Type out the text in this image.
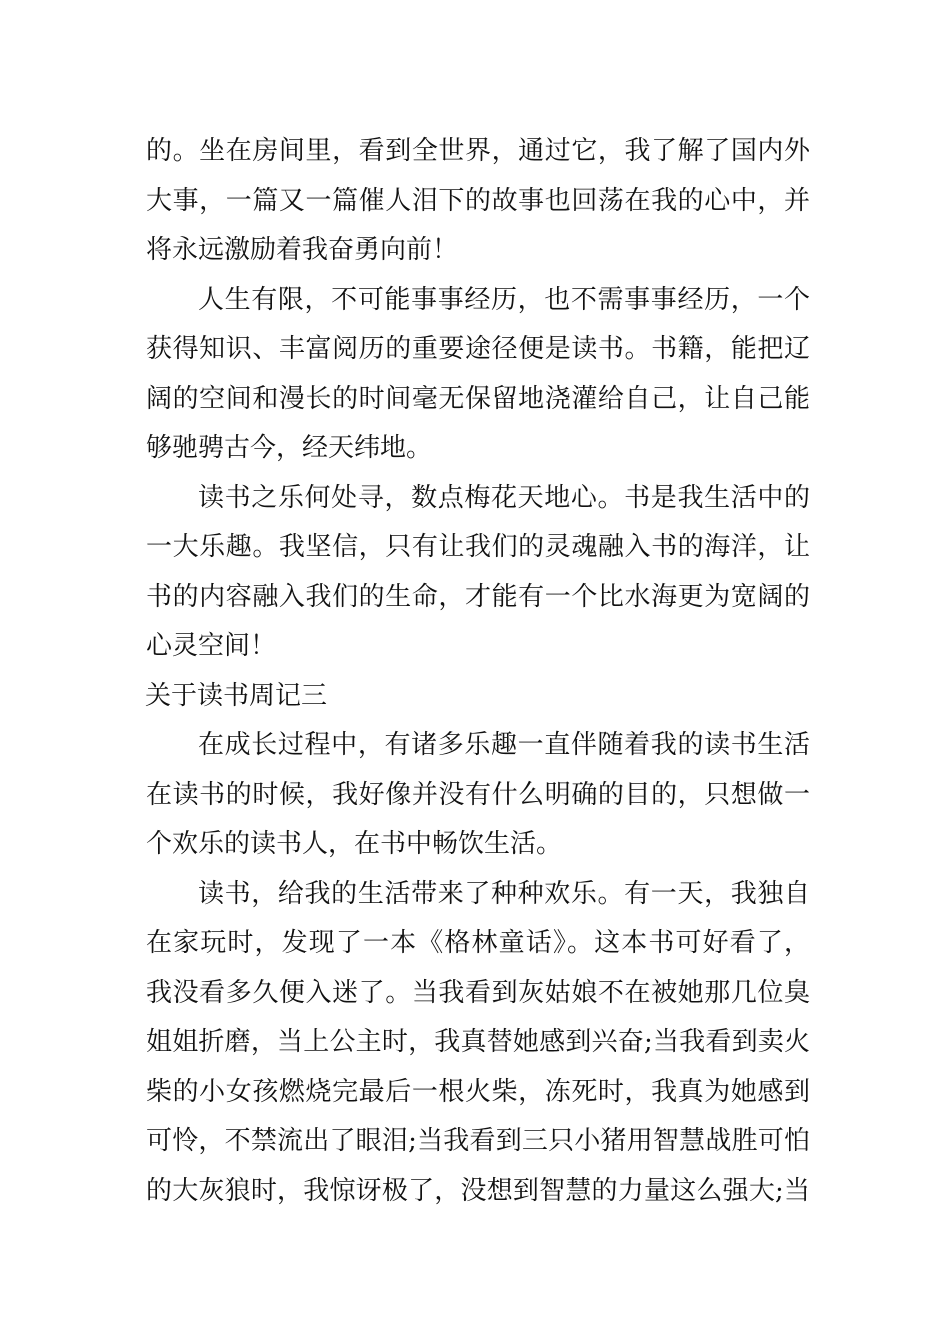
的。坐在房间里，看到全世界，通过它，我了解了国内外
大事，一篇又一篇催人泪下的故事也回荡在我的心中，并
将永远激励着我奋勇向前！
人生有限，不可能事事经历，也不需事事经历，一个
获得知识、丰富阅历的重要途径便是读书。书籍，能把辽
阔的空间和漫长的时间毫无保留地浇灌给自己，让自己能
够驰骋古今，经天纬地。
读书之乐何处寻，数点梅花天地心。书是我生活中的
一大乐趣。我坚信，只有让我们的灵魂融入书的海洋，让
书的内容融入我们的生命，才能有一个比水海更为宽阔的
心灵空间！
关于读书周记三
在成长过程中，有诸多乐趣一直伴随着我的读书生活
在读书的时候，我好像并没有什么明确的目的，只想做一
个欢乐的读书人，在书中畅饮生活。
读书，给我的生活带来了种种欢乐。有一天，我独自
在家玩时，发现了一本《格林童话》。这本书可好看了，
我没看多久便入迷了。当我看到灰姑娘不在被她那几位臭
姐姐折磨，当上公主时，我真替她感到兴奋;当我看到卖火
柴的小女孩燃烧完最后一根火柴，冻死时，我真为她感到
可怜，不禁流出了眼泪;当我看到三只小猪用智慧战胜可怕
的大灰狼时，我惊讶极了，没想到智慧的力量这么强大;当
